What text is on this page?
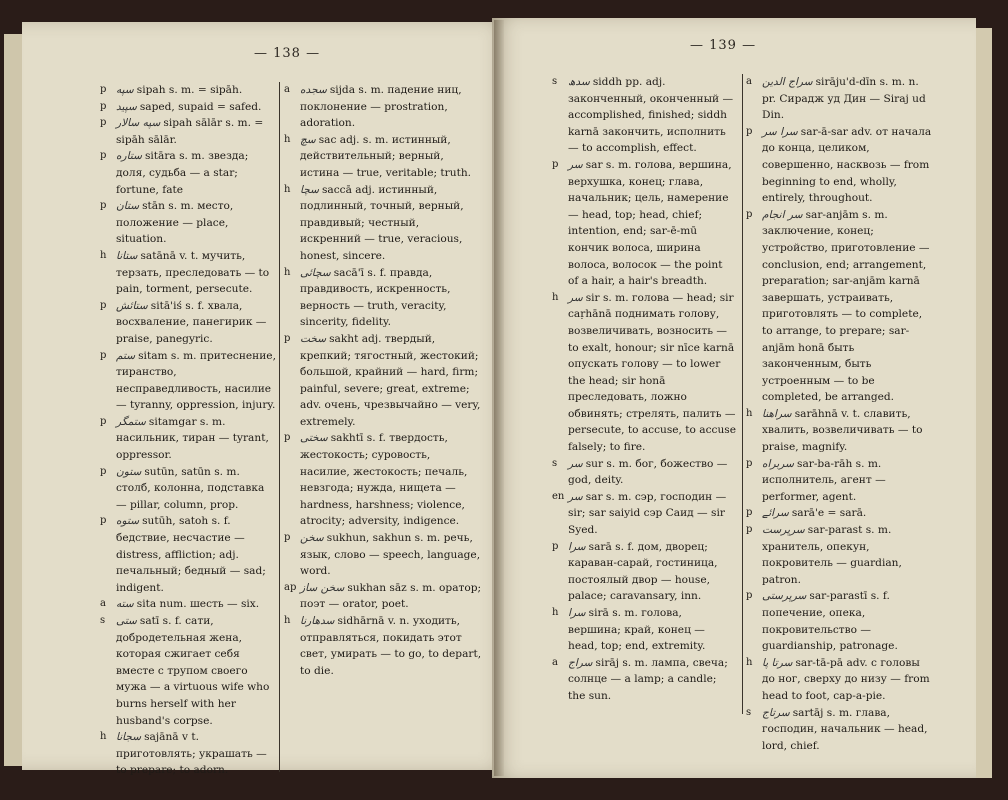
— 138 —

p سپه sipah s. m. = sipāh.

p سپید saped, supaid = safed.

p سپه سالار sipah sālār s. m. = sipāh sālār.

p ستاره sitāra s. m. звезда; доля, судьба — a star; fortune, fate

p ستان stān s. m. место, положение — place, situation.

h ستانا satānā v. t. мучить, терзать, преследовать — to pain, torment, persecute.

p ستائش sitā'iś s. f. хвала, восхваление, панегирик — praise, panegyric.

p ستم sitam s. m. притеснение, тиранство, несправедливость, насилие — tyranny, oppression, injury.

p ستمگر sitamgar s. m. насильник, тиран — tyrant, oppressor.

p ستون sutūn, satūn s. m. столб, колонна, подставка — pillar, column, prop.

p ستوه sutūh, satoh s. f. бедствие, несчастие — distress, affliction; adj. печальный; бедный — sad; indigent.

a سته sita num. шесть — six.

s ستی satī s. f. сати, добродетельная жена, которая сжигает себя вместе с трупом своего мужа — a virtuous wife who burns herself with her husband's corpse.

h سجانا sajānā v t. приготовлять; украшать — to prepare; to adorn.

a سجده sijda s. m. падение ниц, поклонение — prostration, adoration.

h سچ sac adj. s. m. истинный, действительный; верный, истина — true, veritable; truth.

h سچا saccā adj. истинный, подлинный, точный, верный, правдивый; честный, искренний — true, veracious, honest, sincere.

h سچائی sacā'ī s. f. правда, правдивость, искренность, верность — truth, veracity, sincerity, fidelity.

p سخت sakht adj. твердый, крепкий; тягостный, жестокий; большой, крайний — hard, firm; painful, severe; great, extreme; adv. очень, чрезвычайно — very, extremely.

p سختی sakhtī s. f. твердость, жестокость; суровость, насилие, жестокость; печаль, невзгода; нужда, нищета — hardness, harshness; violence, atrocity; adversity, indigence.

p سخن sukhun, sakhun s. m. речь, язык, слово — speech, language, word.

ap سخن ساز sukhan sāz s. m. оратор; поэт — orator, poet.

h سدهارنا sidhārnā v. n. уходить, отправляться, покидать этот свет, умирать — to go, to depart, to die.

— 139 —

s سدھ siddh pp. adj. законченный, оконченный — accomplished, finished; siddh karnā закончить, исполнить — to accomplish, effect.

p سر sar s. m. голова, вершина, верхушка, конец; глава, начальник; цель, намерение — head, top; head, chief; intention, end; sar-ē-mū кончик волоса, ширина волоса, волосок — the point of a hair, a hair's breadth.

h سر sir s. m. голова — head; sir caṛhānā поднимать голову, возвеличивать, возносить — to exalt, honour; sir nīce karnā опускать голову — to lower the head; sir honā преследовать, ложно обвинять; стрелять, палить — persecute, to accuse, to accuse falsely; to fire.

s سر sur s. m. бог, божество — god, deity.

en سر sar s. m. сэр, господин — sir; sar saiyid сэр Саид — sir Syed.

p سرا sarā s. f. дом, дворец; караван-сарай, гостиница, постоялый двор — house, palace; caravansary, inn.

h سرا sirā s. m. голова, вершина; край, конец — head, top; end, extremity.

a سراج sirāj s. m. лампа, свеча; солнце — a lamp; a candle; the sun.

a سراج الدین sirāju'd-dīn s. m. n. pr. Сирадж уд Дин — Siraj ud Din.

p سرا سر sar-ā-sar adv. от начала до конца, целиком, совершенно, насквозь — from beginning to end, wholly, entirely, throughout.

p سر انجام sar-anjām s. m. заключение, конец; устройство, приготовление — conclusion, end; arrangement, preparation; sar-anjām karnā завершать, устраивать, приготовлять — to complete, to arrange, to prepare; sar-anjām honā быть законченным, быть устроенным — to be completed, be arranged.

h سراهنا sarāhnā v. t. славить, хвалить, возвеличивать — to praise, magnify.

p سربراه sar-ba-rāh s. m. исполнитель, агент — performer, agent.

p سرائے sarā'e = sarā.

p سرپرست sar-parast s. m. хранитель, опекун, покровитель — guardian, patron.

p سرپرستی sar-parastī s. f. попечение, опека, покровительство — guardianship, patronage.

h سرتا پا sar-tā-pā adv. с головы до ног, сверху до низу — from head to foot, cap-a-pie.

s سرتاج sartāj s. m. глава, господин, начальник — head, lord, chief.
